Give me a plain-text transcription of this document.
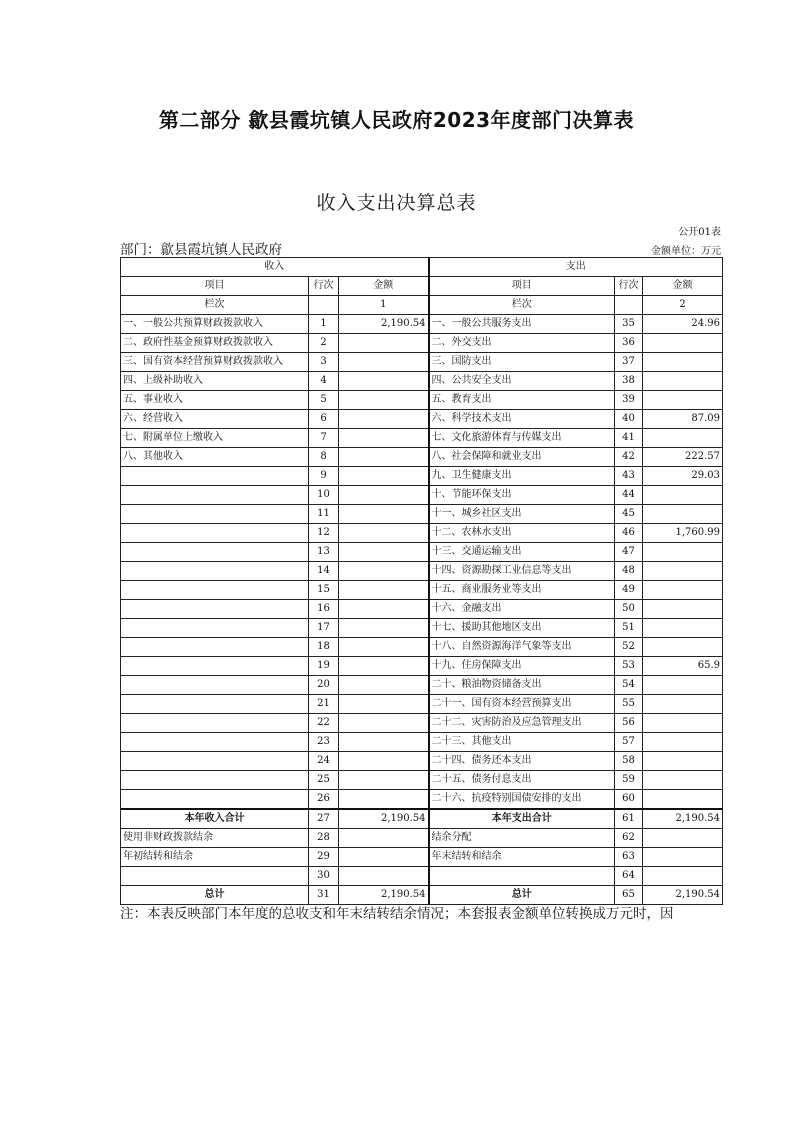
第二部分 歙县霞坑镇人民政府2023年度部门决算表
收入支出决算总表
公开01表
部门：歙县霞坑镇人民政府	金额单位：万元
收入			支出		
项目	行次	金额	项目	行次	金额
栏次		1	栏次		2
一、一般公共预算财政拨款收入	1	2,190.54	一、一般公共服务支出	35	24.96
二、政府性基金预算财政拨款收入	2		二、外交支出	36	
三、国有资本经营预算财政拨款收入	3		三、国防支出	37	
四、上级补助收入	4		四、公共安全支出	38	
五、事业收入	5		五、教育支出	39	
六、经营收入	6		六、科学技术支出	40	87.09
七、附属单位上缴收入	7		七、文化旅游体育与传媒支出	41	
八、其他收入	8		八、社会保障和就业支出	42	222.57
	9		九、卫生健康支出	43	29.03
	10		十、节能环保支出	44	
	11		十一、城乡社区支出	45	
	12		十二、农林水支出	46	1,760.99
	13		十三、交通运输支出	47	
	14		十四、资源勘探工业信息等支出	48	
	15		十五、商业服务业等支出	49	
	16		十六、金融支出	50	
	17		十七、援助其他地区支出	51	
	18		十八、自然资源海洋气象等支出	52	
	19		十九、住房保障支出	53	65.9
	20		二十、粮油物资储备支出	54	
	21		二十一、国有资本经营预算支出	55	
	22		二十二、灾害防治及应急管理支出	56	
	23		二十三、其他支出	57	
	24		二十四、债务还本支出	58	
	25		二十五、债务付息支出	59	
	26		二十六、抗疫特别国债安排的支出	60	
本年收入合计	27	2,190.54	本年支出合计	61	2,190.54
使用非财政拨款结余	28		结余分配	62	
年初结转和结余	29		年末结转和结余	63	
	30			64	
总计	31	2,190.54	总计	65	2,190.54
注：本表反映部门本年度的总收支和年末结转结余情况；本套报表金额单位转换成万元时，因
